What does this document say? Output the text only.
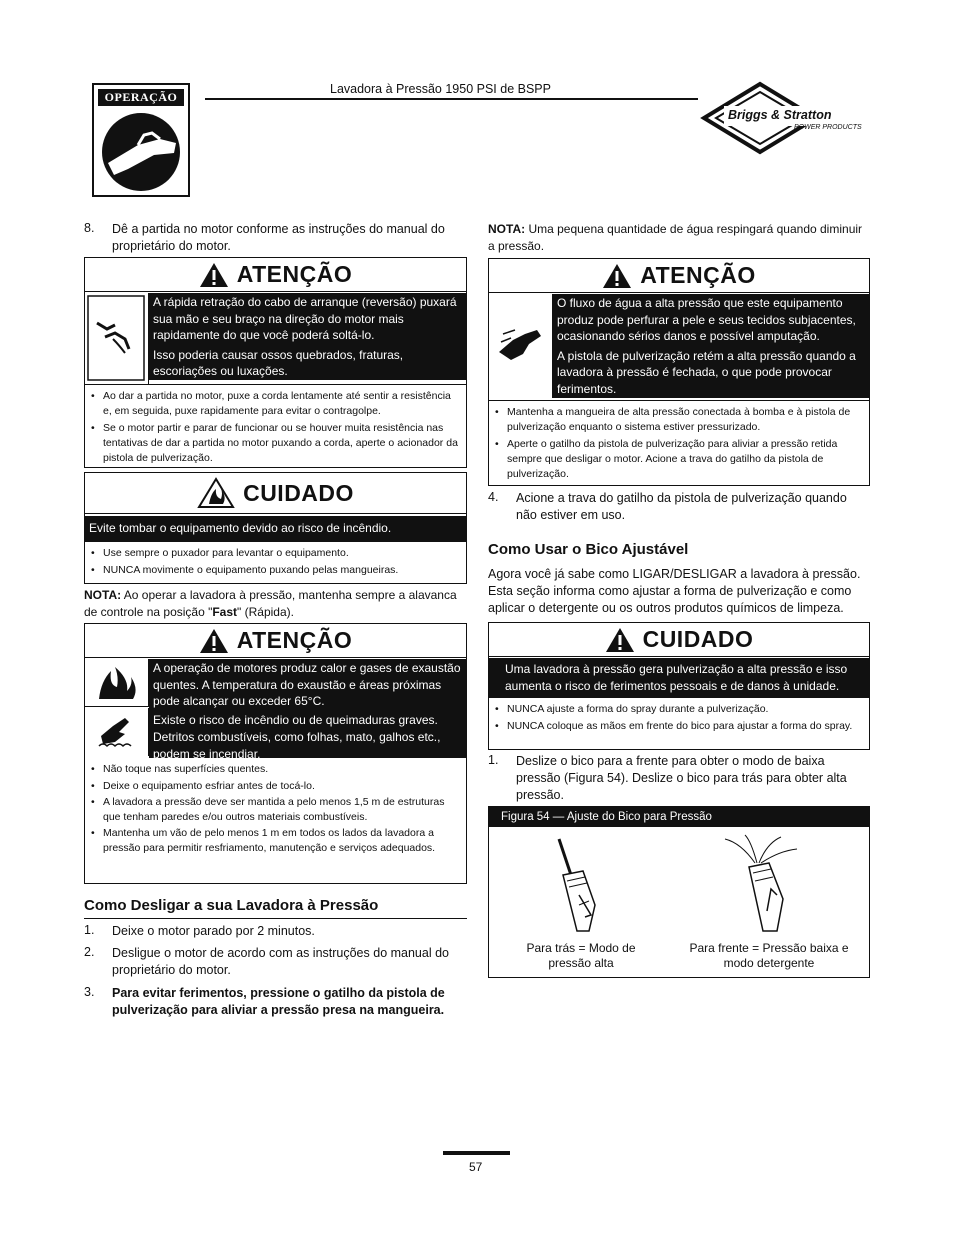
OPERAÇÃO
Lavadora à Pressão 1950 PSI de BSPP
Briggs & Stratton
POWER PRODUCTS
8. Dê a partida no motor conforme as instruções do manual do proprietário do motor.
ATENÇÃO
A rápida retração do cabo de arranque (reversão) puxará sua mão e seu braço na direção do motor mais rapidamente do que você poderá soltá-lo.
Isso poderia causar ossos quebrados, fraturas, escoriações ou luxações.
• Ao dar a partida no motor, puxe a corda lentamente até sentir a resistência e, em seguida, puxe rapidamente para evitar o contragolpe.
• Se o motor partir e parar de funcionar ou se houver muita resistência nas tentativas de dar a partida no motor puxando a corda, aperte o acionador da pistola de pulverização.
CUIDADO
Evite tombar o equipamento devido ao risco de incêndio.
• Use sempre o puxador para levantar o equipamento.
• NUNCA movimente o equipamento puxando pelas mangueiras.
NOTA: Ao operar a lavadora à pressão, mantenha sempre a alavanca de controle na posição "Fast" (Rápida).
ATENÇÃO
A operação de motores produz calor e gases de exaustão quentes. A temperatura do exaustão e áreas próximas pode alcançar ou exceder 65°C.
Existe o risco de incêndio ou de queimaduras graves.
Detritos combustíveis, como folhas, mato, galhos etc., podem se incendiar.
• Não toque nas superfícies quentes.
• Deixe o equipamento esfriar antes de tocá-lo.
• A lavadora a pressão deve ser mantida a pelo menos 1,5 m de estruturas que tenham paredes e/ou outros materiais combustíveis.
• Mantenha um vão de pelo menos 1 m em todos os lados da lavadora a pressão para permitir resfriamento, manutenção e serviços adequados.
Como Desligar a sua Lavadora à Pressão
1. Deixe o motor parado por 2 minutos.
2. Desligue o motor de acordo com as instruções do manual do proprietário do motor.
3. Para evitar ferimentos, pressione o gatilho da pistola de pulverização para aliviar a pressão presa na mangueira.
NOTA: Uma pequena quantidade de água respingará quando diminuir a pressão.
ATENÇÃO
O fluxo de água a alta pressão que este equipamento produz pode perfurar a pele e seus tecidos subjacentes, ocasionando sérios danos e possível amputação.
A pistola de pulverização retém a alta pressão quando a lavadora à pressão é fechada, o que pode provocar ferimentos.
• Mantenha a mangueira de alta pressão conectada à bomba e à pistola de pulverização enquanto o sistema estiver pressurizado.
• Aperte o gatilho da pistola de pulverização para aliviar a pressão retida sempre que desligar o motor. Acione a trava do gatilho da pistola de pulverização.
4. Acione a trava do gatilho da pistola de pulverização quando não estiver em uso.
Como Usar o Bico Ajustável
Agora você já sabe como LIGAR/DESLIGAR a lavadora à pressão. Esta seção informa como ajustar a forma de pulverização e como aplicar o detergente ou os outros produtos químicos de limpeza.
CUIDADO
Uma lavadora à pressão gera pulverização a alta pressão e isso aumenta o risco de ferimentos pessoais e de danos à unidade.
• NUNCA ajuste a forma do spray durante a pulverização.
• NUNCA coloque as mãos em frente do bico para ajustar a forma do spray.
1. Deslize o bico para a frente para obter o modo de baixa pressão (Figura 54). Deslize o bico para trás para obter alta pressão.
Figura 54 — Ajuste do Bico para Pressão
Para trás = Modo de pressão alta
Para frente = Pressão baixa e modo detergente
57
